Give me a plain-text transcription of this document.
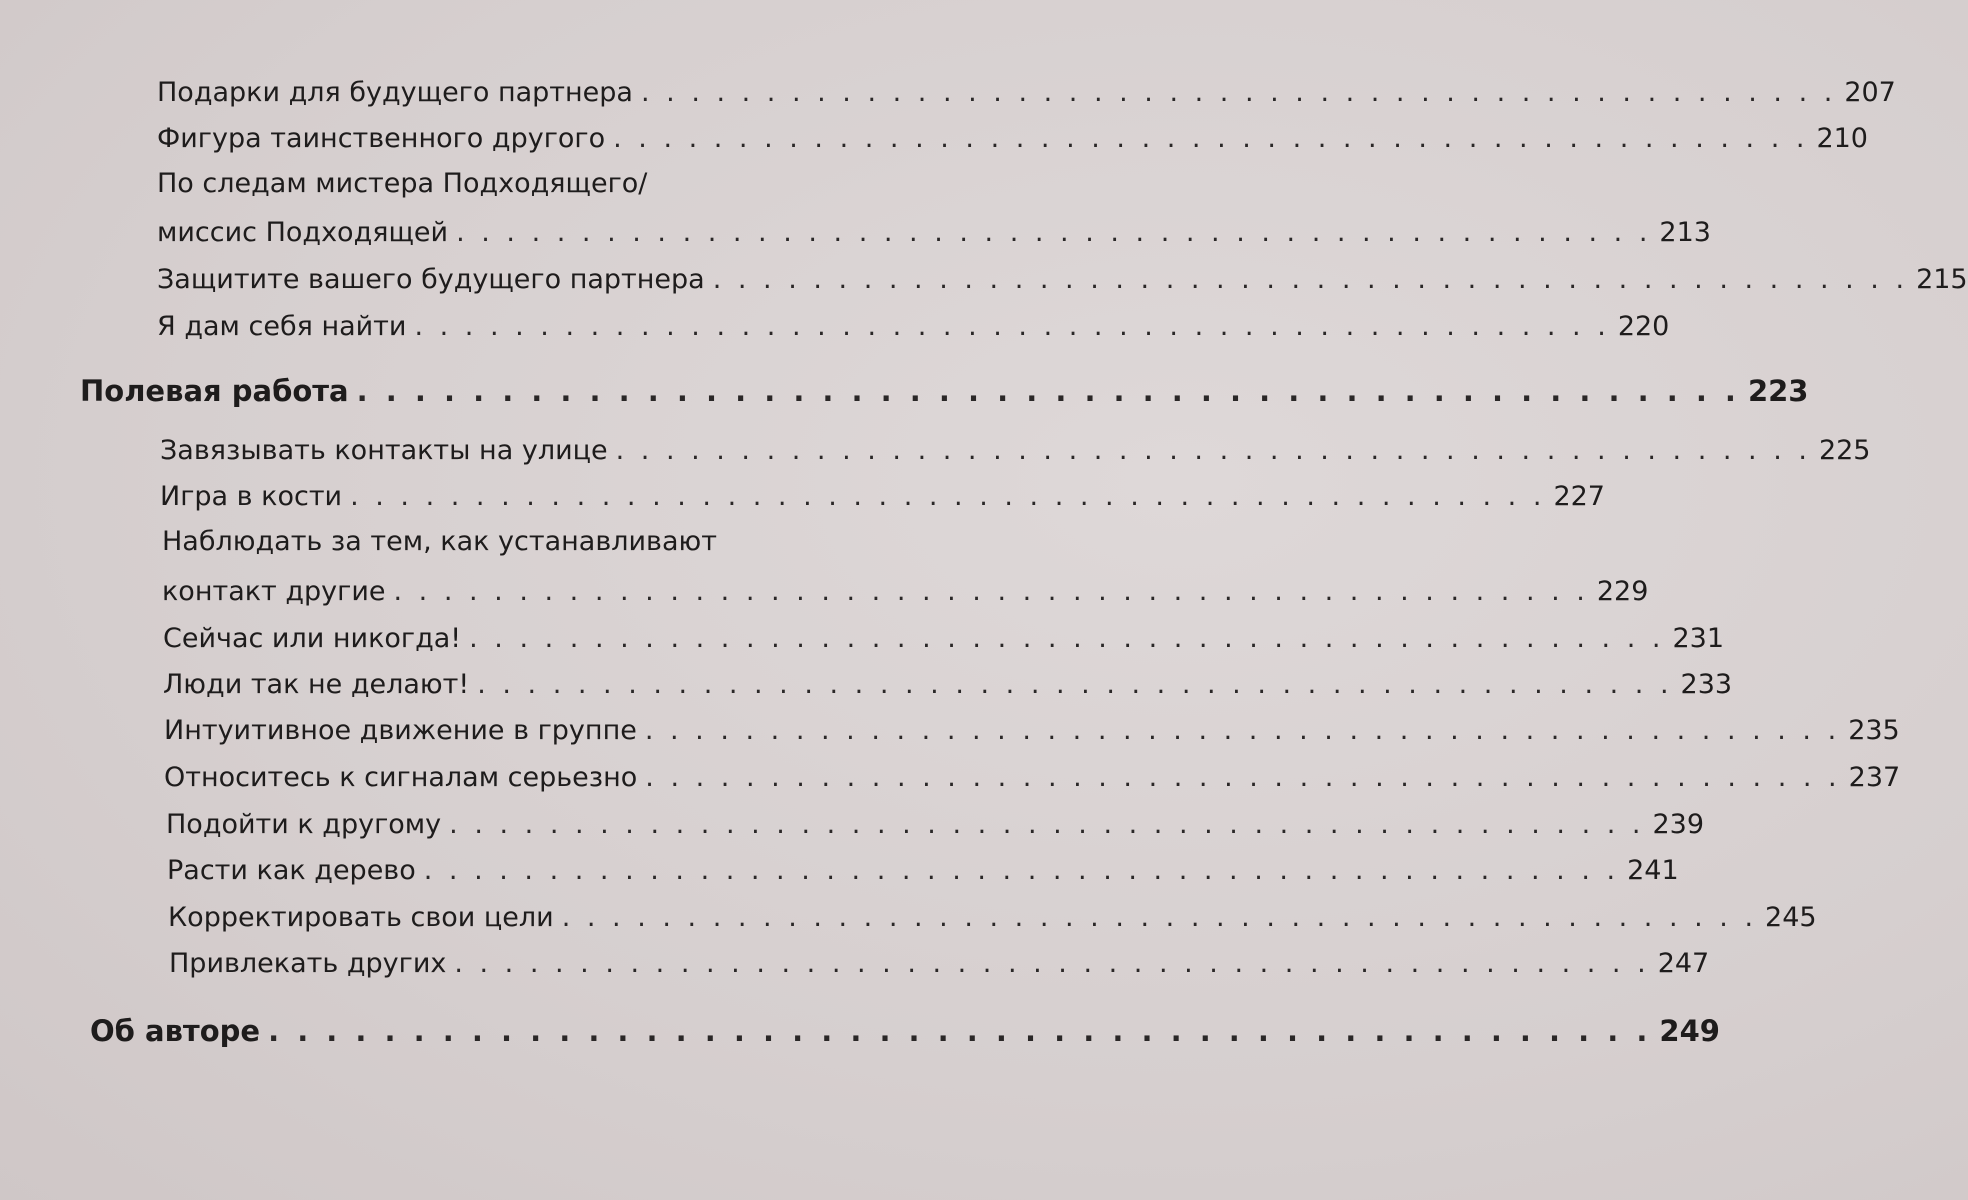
Подарки для будущего партнера . . . . . . . . . . . . . . . . . . . . . . . . . . . . . . . . . . . . . . . . . . . . . . . . 207
Фигура таинственного другого . . . . . . . . . . . . . . . . . . . . . . . . . . . . . . . . . . . . . . . . . . . . . . . . 210
По следам мистера Подходящего/
миссис Подходящей . . . . . . . . . . . . . . . . . . . . . . . . . . . . . . . . . . . . . . . . . . . . . . . . 213
Защитите вашего будущего партнера . . . . . . . . . . . . . . . . . . . . . . . . . . . . . . . . . . . . . . . . . . . . . . . . 215
Я дам себя найти . . . . . . . . . . . . . . . . . . . . . . . . . . . . . . . . . . . . . . . . . . . . . . . . 220
Полевая работа . . . . . . . . . . . . . . . . . . . . . . . . . . . . . . . . . . . . . . . . . . . . . . . . 223
Завязывать контакты на улице . . . . . . . . . . . . . . . . . . . . . . . . . . . . . . . . . . . . . . . . . . . . . . . . 225
Игра в кости . . . . . . . . . . . . . . . . . . . . . . . . . . . . . . . . . . . . . . . . . . . . . . . . 227
Наблюдать за тем, как устанавливают
контакт другие . . . . . . . . . . . . . . . . . . . . . . . . . . . . . . . . . . . . . . . . . . . . . . . . 229
Сейчас или никогда! . . . . . . . . . . . . . . . . . . . . . . . . . . . . . . . . . . . . . . . . . . . . . . . . 231
Люди так не делают! . . . . . . . . . . . . . . . . . . . . . . . . . . . . . . . . . . . . . . . . . . . . . . . . 233
Интуитивное движение в группе . . . . . . . . . . . . . . . . . . . . . . . . . . . . . . . . . . . . . . . . . . . . . . . . 235
Относитесь к сигналам серьезно . . . . . . . . . . . . . . . . . . . . . . . . . . . . . . . . . . . . . . . . . . . . . . . . 237
Подойти к другому . . . . . . . . . . . . . . . . . . . . . . . . . . . . . . . . . . . . . . . . . . . . . . . . 239
Расти как дерево . . . . . . . . . . . . . . . . . . . . . . . . . . . . . . . . . . . . . . . . . . . . . . . . 241
Корректировать свои цели . . . . . . . . . . . . . . . . . . . . . . . . . . . . . . . . . . . . . . . . . . . . . . . . 245
Привлекать других . . . . . . . . . . . . . . . . . . . . . . . . . . . . . . . . . . . . . . . . . . . . . . . . 247
Об авторе . . . . . . . . . . . . . . . . . . . . . . . . . . . . . . . . . . . . . . . . . . . . . . . . 249
